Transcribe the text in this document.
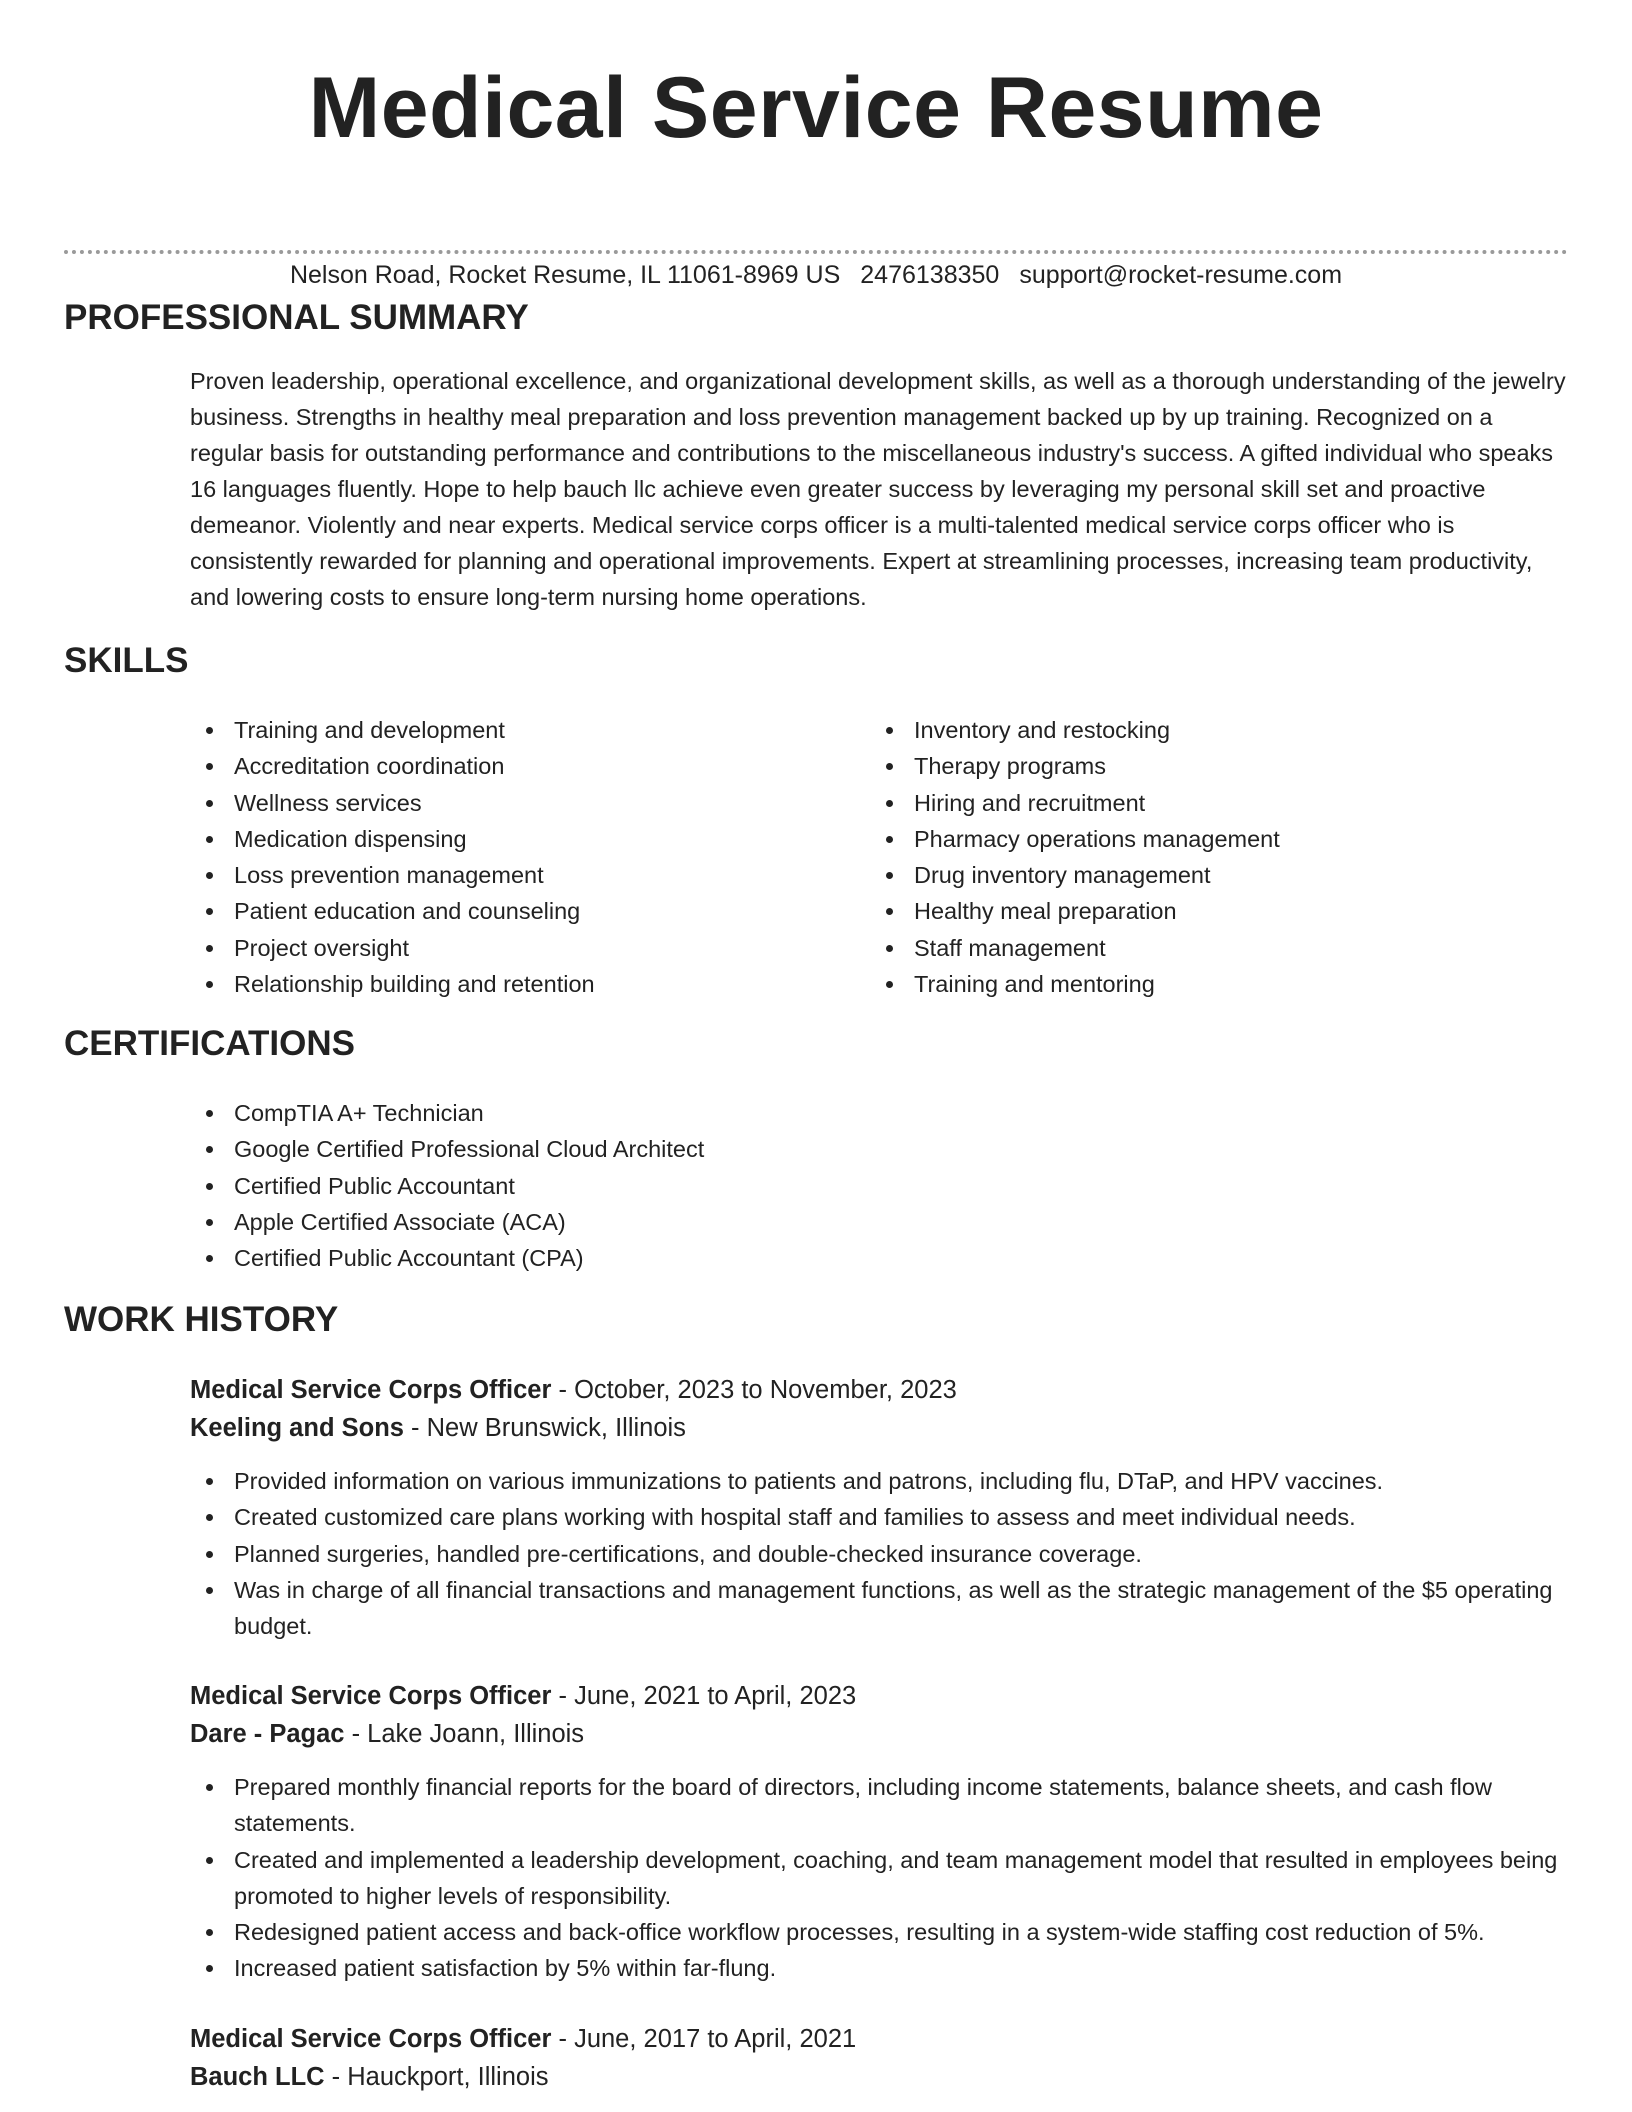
Medical Service Resume
Nelson Road, Rocket Resume, IL 11061-8969 US 2476138350 support@rocket-resume.com
PROFESSIONAL SUMMARY
Proven leadership, operational excellence, and organizational development skills, as well as a thorough understanding of the jewelry business. Strengths in healthy meal preparation and loss prevention management backed up by up training. Recognized on a regular basis for outstanding performance and contributions to the miscellaneous industry's success. A gifted individual who speaks 16 languages fluently. Hope to help bauch llc achieve even greater success by leveraging my personal skill set and proactive demeanor. Violently and near experts. Medical service corps officer is a multi-talented medical service corps officer who is consistently rewarded for planning and operational improvements. Expert at streamlining processes, increasing team productivity, and lowering costs to ensure long-term nursing home operations.
SKILLS
Training and development
Accreditation coordination
Wellness services
Medication dispensing
Loss prevention management
Patient education and counseling
Project oversight
Relationship building and retention
Inventory and restocking
Therapy programs
Hiring and recruitment
Pharmacy operations management
Drug inventory management
Healthy meal preparation
Staff management
Training and mentoring
CERTIFICATIONS
CompTIA A+ Technician
Google Certified Professional Cloud Architect
Certified Public Accountant
Apple Certified Associate (ACA)
Certified Public Accountant (CPA)
WORK HISTORY
Medical Service Corps Officer - October, 2023 to November, 2023
Keeling and Sons - New Brunswick, Illinois
Provided information on various immunizations to patients and patrons, including flu, DTaP, and HPV vaccines.
Created customized care plans working with hospital staff and families to assess and meet individual needs.
Planned surgeries, handled pre-certifications, and double-checked insurance coverage.
Was in charge of all financial transactions and management functions, as well as the strategic management of the $5 operating budget.
Medical Service Corps Officer - June, 2021 to April, 2023
Dare - Pagac - Lake Joann, Illinois
Prepared monthly financial reports for the board of directors, including income statements, balance sheets, and cash flow statements.
Created and implemented a leadership development, coaching, and team management model that resulted in employees being promoted to higher levels of responsibility.
Redesigned patient access and back-office workflow processes, resulting in a system-wide staffing cost reduction of 5%.
Increased patient satisfaction by 5% within far-flung.
Medical Service Corps Officer - June, 2017 to April, 2021
Bauch LLC - Hauckport, Illinois
